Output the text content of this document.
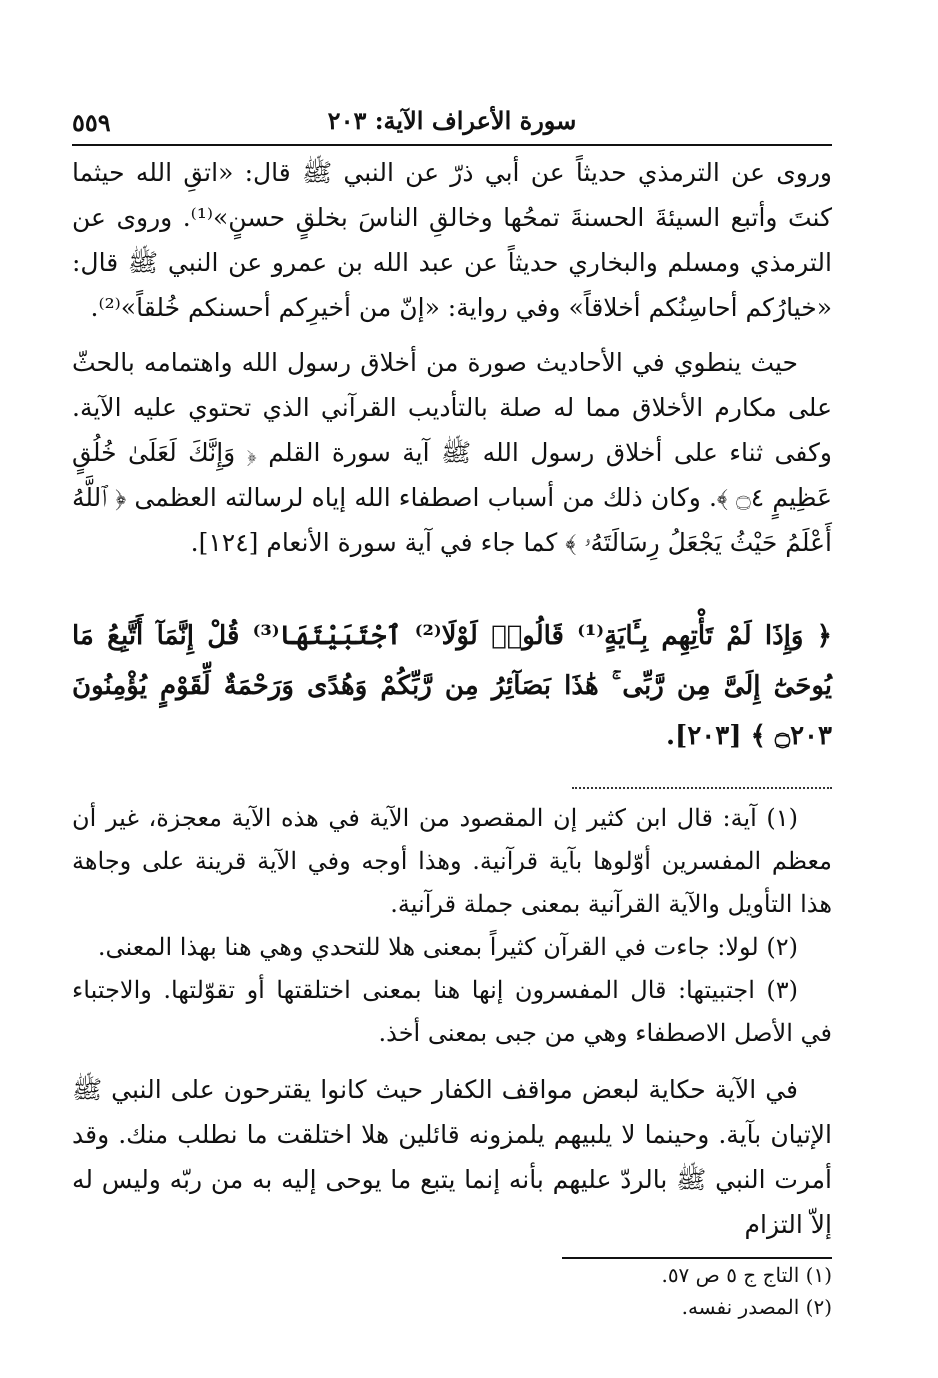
سورة الأعراف الآية: ٢٠٣
٥٥٩

وروى عن الترمذي حديثاً عن أبي ذرّ عن النبي ﷺ قال: «اتقِ الله حيثما كنتَ وأتبع السيئةَ الحسنةَ تمحُها وخالقِ الناسَ بخلقٍ حسنٍ»⁽¹⁾. وروى عن الترمذي ومسلم والبخاري حديثاً عن عبد الله بن عمرو عن النبي ﷺ قال: «خيارُكم أحاسِنُكم أخلاقاً» وفي رواية: «إنّ من أخيرِكم أحسنكم خُلقاً»⁽²⁾.

حيث ينطوي في الأحاديث صورة من أخلاق رسول الله واهتمامه بالحثّ على مكارم الأخلاق مما له صلة بالتأديب القرآني الذي تحتوي عليه الآية. وكفى ثناء على أخلاق رسول الله ﷺ آية سورة القلم ﴿ وَإِنَّكَ لَعَلَىٰ خُلُقٍ عَظِيمٍ ۝٤ ﴾. وكان ذلك من أسباب اصطفاء الله إياه لرسالته العظمى ﴿ ٱللَّهُ أَعْلَمُ حَيْثُ يَجْعَلُ رِسَالَتَهُۥ ﴾ كما جاء في آية سورة الأنعام [١٢٤].

﴿ وَإِذَا لَمْ تَأْتِهِم بِـَٔايَةٍ⁽¹⁾ قَالُوا۟ لَوْلَا⁽²⁾ ٱجْتَبَيْتَهَا⁽³⁾ قُلْ إِنَّمَآ أَتَّبِعُ مَا يُوحَىٰٓ إِلَىَّ مِن رَّبِّى ۚ هَٰذَا بَصَآئِرُ مِن رَّبِّكُمْ وَهُدًى وَرَحْمَةٌ لِّقَوْمٍ يُؤْمِنُونَ ۝٢٠٣ ﴾ [٢٠٣].

(١) آية: قال ابن كثير إن المقصود من الآية في هذه الآية معجزة، غير أن معظم المفسرين أوّلوها بآية قرآنية. وهذا أوجه وفي الآية قرينة على وجاهة هذا التأويل والآية القرآنية بمعنى جملة قرآنية.

(٢) لولا: جاءت في القرآن كثيراً بمعنى هلا للتحدي وهي هنا بهذا المعنى.

(٣) اجتبيتها: قال المفسرون إنها هنا بمعنى اختلقتها أو تقوّلتها. والاجتباء في الأصل الاصطفاء وهي من جبى بمعنى أخذ.

في الآية حكاية لبعض مواقف الكفار حيث كانوا يقترحون على النبي ﷺ الإتيان بآية. وحينما لا يلبيهم يلمزونه قائلين هلا اختلقت ما نطلب منك. وقد أمرت النبي ﷺ بالردّ عليهم بأنه إنما يتبع ما يوحى إليه به من ربّه وليس له إلاّ التزام

(١) التاج ج ٥ ص ٥٧.

(٢) المصدر نفسه.
